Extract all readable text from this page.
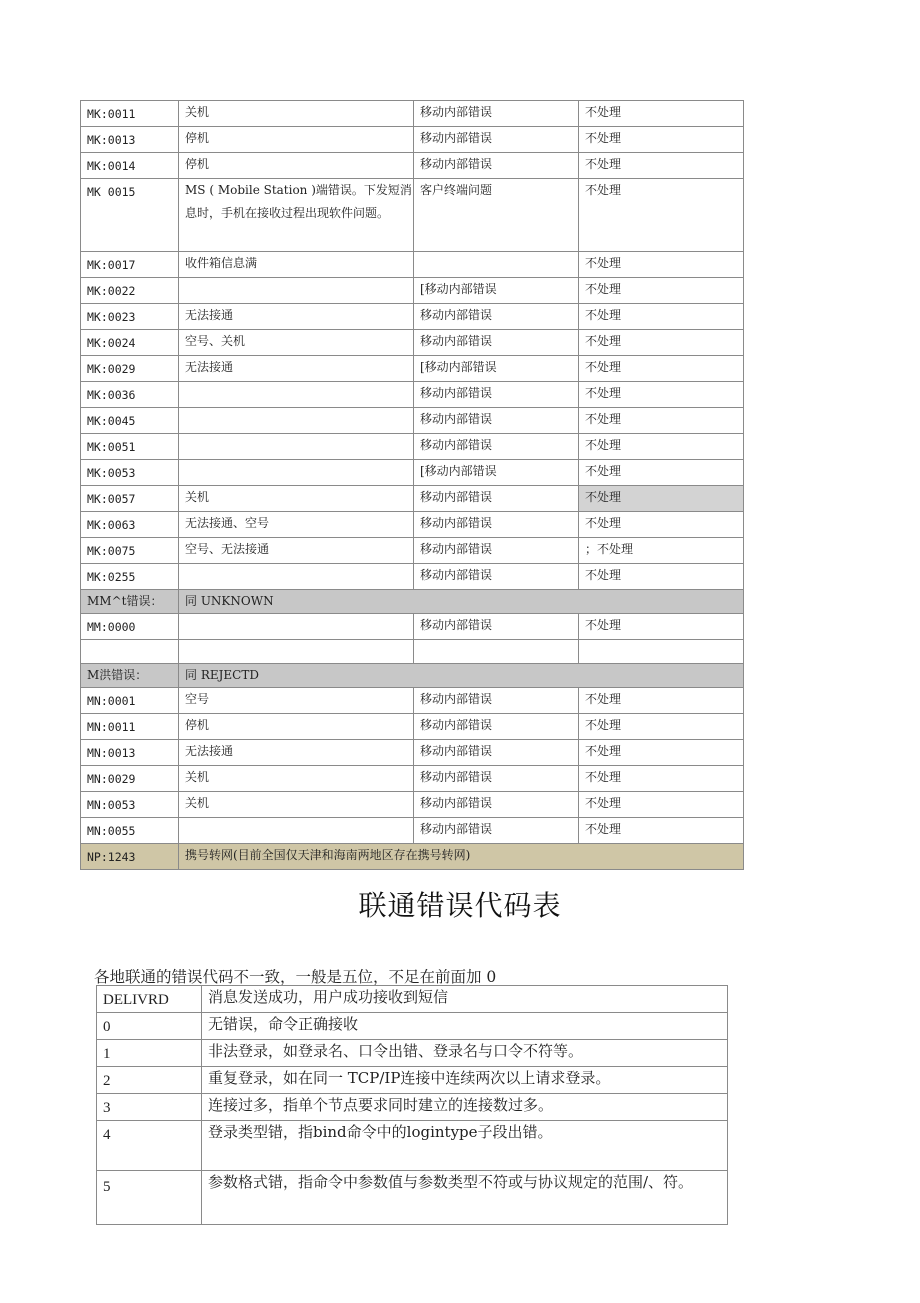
MK:0011	关机	移动内部错误	不处理
MK:0013	停机	移动内部错误	不处理
MK:0014	停机	移动内部错误	不处理
MK 0015	MS ( Mobile Station )端错误。下发短消息时，手机在接收过程出现软件问题。	客户终端问题	不处理
MK:0017	收件箱信息满		不处理
MK:0022		[移动内部错误	不处理
MK:0023	无法接通	移动内部错误	不处理
MK:0024	空号、关机	移动内部错误	不处理
MK:0029	无法接通	[移动内部错误	不处理
MK:0036		移动内部错误	不处理
MK:0045		移动内部错误	不处理
MK:0051		移动内部错误	不处理
MK:0053		[移动内部错误	不处理
MK:0057	关机	移动内部错误	不处理
MK:0063	无法接通、空号	移动内部错误	不处理
MK:0075	空号、无法接通	移动内部错误	；不处理
MK:0255		移动内部错误	不处理
MM^t错误：	同 UNKNOWN		
MM:0000		移动内部错误	不处理

M洪错误：	同 REJECTD		
MN:0001	空号	移动内部错误	不处理
MN:0011	停机	移动内部错误	不处理
MN:0013	无法接通	移动内部错误	不处理
MN:0029	关机	移动内部错误	不处理
MN:0053	关机	移动内部错误	不处理
MN:0055		移动内部错误	不处理
NP:1243	携号转网(目前全国仅天津和海南两地区存在携号转网)		
联通错误代码表
各地联通的错误代码不一致，一般是五位，不足在前面加 0
DELIVRD	消息发送成功，用户成功接收到短信
0	无错误，命令正确接收
1	非法登录，如登录名、口令出错、登录名与口令不符等。
2	重复登录，如在同一 TCP/IP连接中连续两次以上请求登录。
3	连接过多，指单个节点要求同时建立的连接数过多。
4	登录类型错，指bind命令中的logintype子段出错。
5	参数格式错，指命令中参数值与参数类型不符或与协议规定的范围/、符。
